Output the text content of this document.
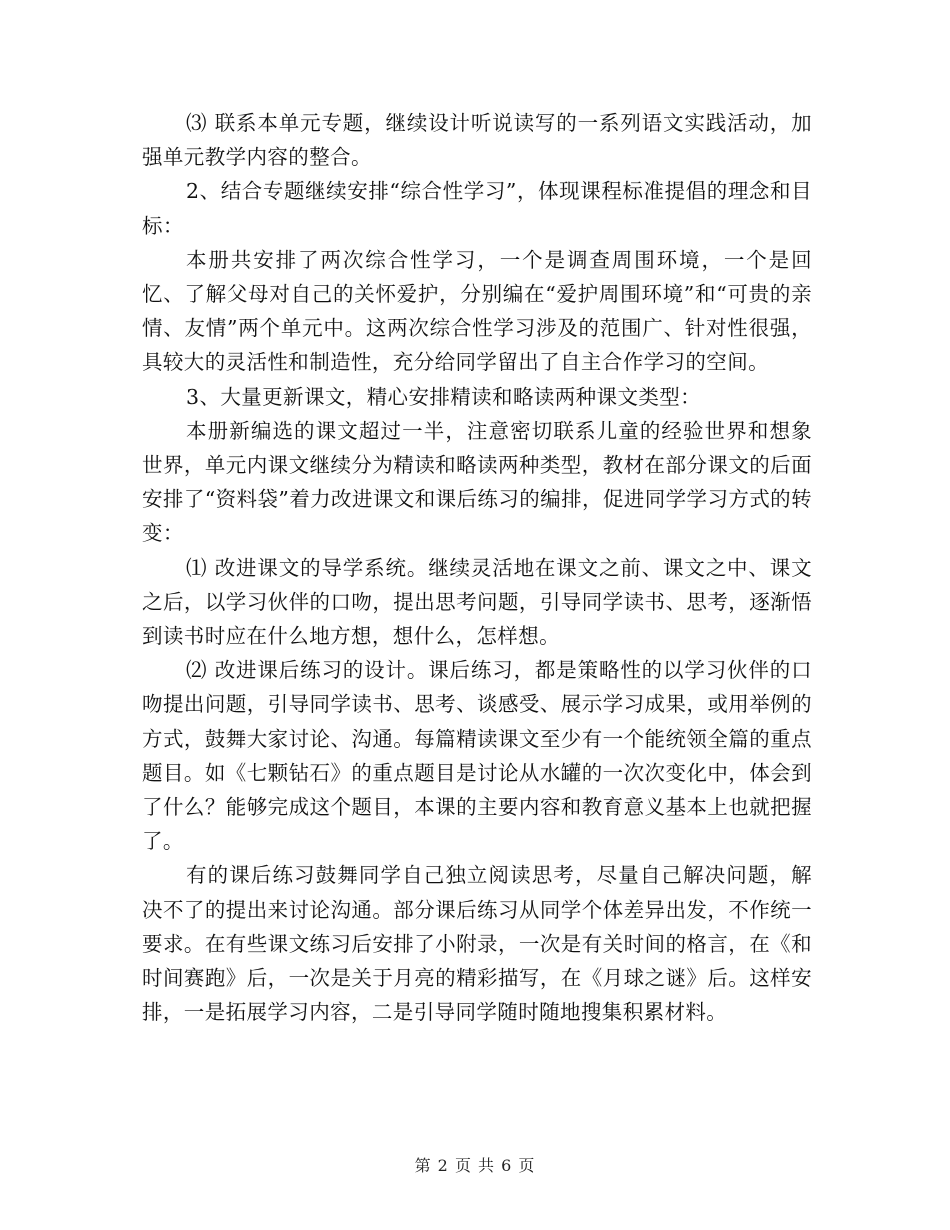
⑶ 联系本单元专题，继续设计听说读写的一系列语文实践活动，加强单元教学内容的整合。

2、结合专题继续安排“综合性学习”，体现课程标准提倡的理念和目标：

本册共安排了两次综合性学习，一个是调查周围环境，一个是回忆、了解父母对自己的关怀爱护，分别编在“爱护周围环境”和“可贵的亲情、友情”两个单元中。这两次综合性学习涉及的范围广、针对性很强，具较大的灵活性和制造性，充分给同学留出了自主合作学习的空间。

3、大量更新课文，精心安排精读和略读两种课文类型：

本册新编选的课文超过一半，注意密切联系儿童的经验世界和想象世界，单元内课文继续分为精读和略读两种类型，教材在部分课文的后面安排了“资料袋”着力改进课文和课后练习的编排，促进同学学习方式的转变：

⑴ 改进课文的导学系统。继续灵活地在课文之前、课文之中、课文之后，以学习伙伴的口吻，提出思考问题，引导同学读书、思考，逐渐悟到读书时应在什么地方想，想什么，怎样想。

⑵ 改进课后练习的设计。课后练习，都是策略性的以学习伙伴的口吻提出问题，引导同学读书、思考、谈感受、展示学习成果，或用举例的方式，鼓舞大家讨论、沟通。每篇精读课文至少有一个能统领全篇的重点题目。如《七颗钻石》的重点题目是讨论从水罐的一次次变化中，体会到了什么？能够完成这个题目，本课的主要内容和教育意义基本上也就把握了。

有的课后练习鼓舞同学自己独立阅读思考，尽量自己解决问题，解决不了的提出来讨论沟通。部分课后练习从同学个体差异出发，不作统一要求。在有些课文练习后安排了小附录，一次是有关时间的格言，在《和时间赛跑》后，一次是关于月亮的精彩描写，在《月球之谜》后。这样安排，一是拓展学习内容，二是引导同学随时随地搜集积累材料。

第 2 页 共 6 页
